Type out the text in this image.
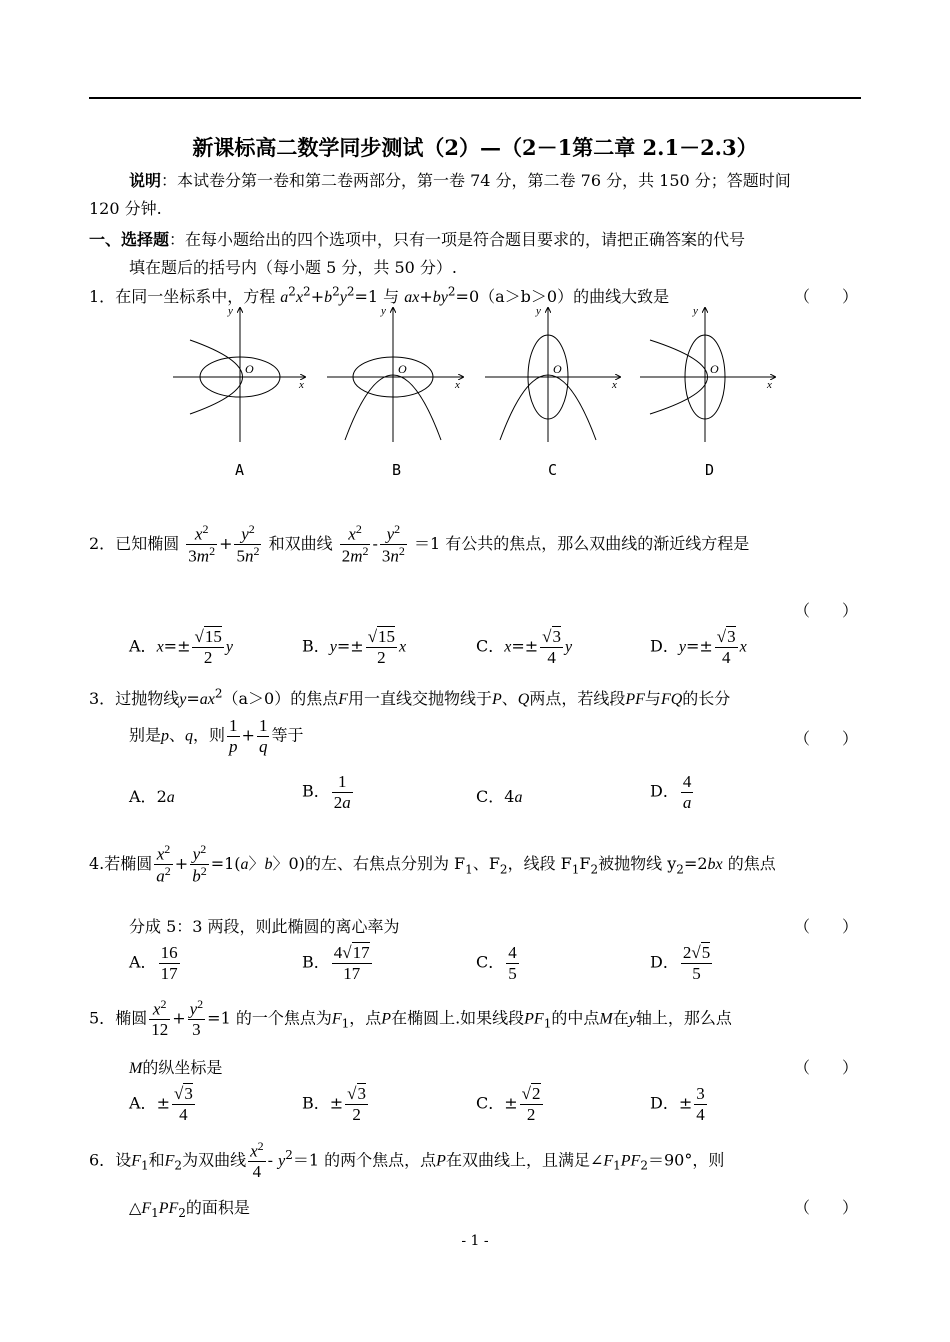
新课标高二数学同步测试（2）—（2－1第二章 2.1－2.3）
说明：本试卷分第一卷和第二卷两部分，第一卷 74 分，第二卷 76 分，共 150 分；答题时间
120 分钟.
一、选择题：在每小题给出的四个选项中，只有一项是符合题目要求的，请把正确答案的代号
填在题后的括号内（每小题 5 分，共 50 分）.
1．在同一坐标系中，方程 $a^2x^2+b^2y^2=1$ 与 $ax+by^2=0(a>b>0)$的曲线大致是	（　　）
O
y
x
O
y
x
O
y
x
O
y
x
A	B	C	D
2．已知椭圆 $\frac{x^2}{3m^2} + \frac{y^2}{5n^2}$ 和双曲线 $\frac{x^2}{2m^2} - \frac{y^2}{3n^2} =1$ 有公共的焦点，那么双曲线的渐近线方程是
（　　）
A．$x=\pm \frac{√15}{2}$ y	B．$y=\pm \frac{√15}{2}$ x	C．$x=\pm \frac{√3}{4}$ y	D．$y=\pm \frac{√3}{4}$ x
3．过抛物线$y=ax^2(a>0)$的焦点F用一直线交抛物线于P、Q两点，若线段PF与FQ的长分
别是p、q，则 $\frac{1}{p} + \frac{1}{q}$ 等于	（　　）
A．2a	B． $\frac{1}{2a}$	C．4a	D． $\frac{4}{a}$
4.若椭圆 $\frac{x^2}{a^2} + \frac{y^2}{b^2} =1(a$〉b〉0)的左、右焦点分别为 $F_1$、$F_2$，线段 $F_1F_2$被抛物线 $y_2=2bx$ 的焦点
分成 5：3 两段，则此椭圆的离心率为	（　　）
A． $\frac{16}{17}$	B． $\frac{4√17}{17}$	C． $\frac{4}{5}$	D． $\frac{2√5}{5}$
5．椭圆 $\frac{x^2}{12} + \frac{y^2}{3} =1$ 的一个焦点为$F_1$，点P在椭圆上.如果线段$PF_1$的中点M在y轴上，那么点
M的纵坐标是	（　　）
A．± $\frac{√3}{4}$	B．± $\frac{√3}{2}$	C．± $\frac{√2}{2}$	D．± $\frac{3}{4}$
6．设$F_1$和$F_2$为双曲线 $\frac{x^2}{4} - y^2=1$ 的两个焦点，点P在双曲线上，且满足$\angle F_1PF_2=90^\circ$，则
$\triangle F_1PF_2$的面积是	（　　）
- 1 -
